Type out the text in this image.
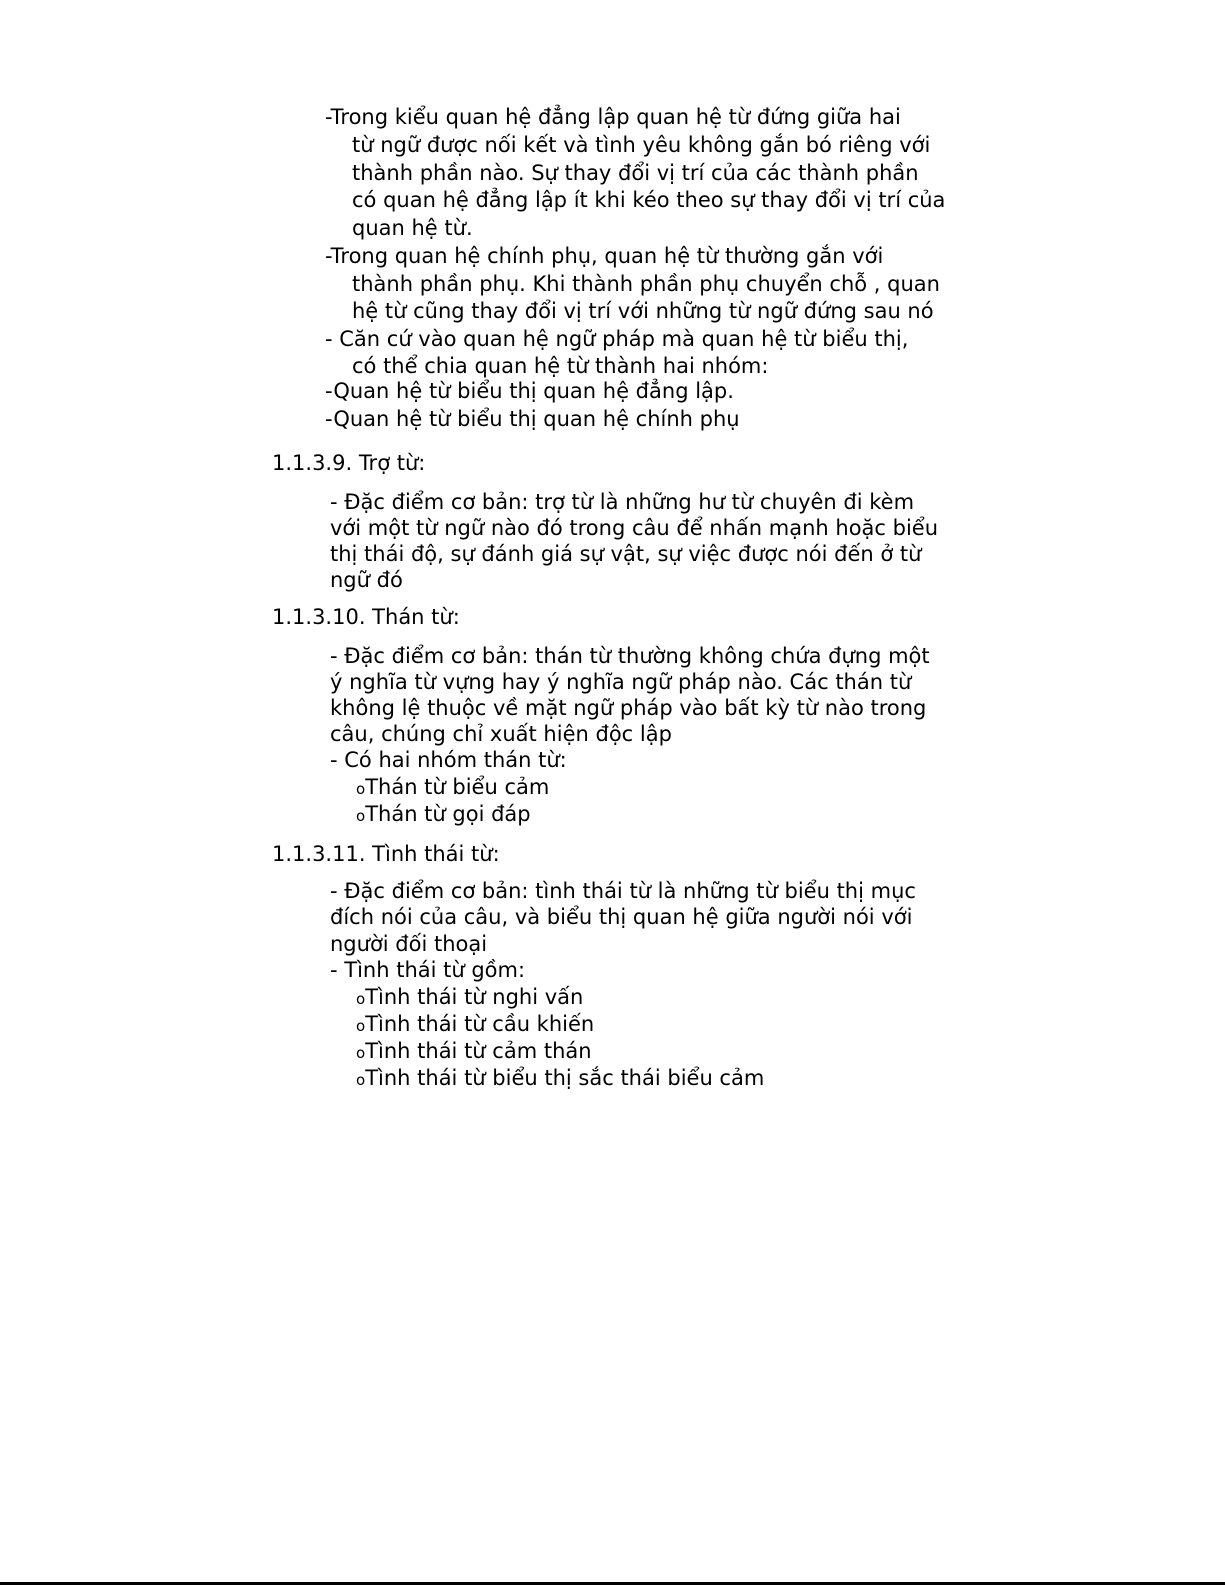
-Trong kiểu quan hệ đẳng lập quan hệ từ đứng giữa hai
từ ngữ được nối kết và tình yêu không gắn bó riêng với
thành phần nào. Sự thay đổi vị trí của các thành phần
có quan hệ đẳng lập ít khi kéo theo sự thay đổi vị trí của
quan hệ từ.
-Trong quan hệ chính phụ, quan hệ từ thường gắn với
thành phần phụ. Khi thành phần phụ chuyển chỗ , quan
hệ từ cũng thay đổi vị trí với những từ ngữ đứng sau nó
- Căn cứ vào quan hệ ngữ pháp mà quan hệ từ biểu thị,
có thể chia quan hệ từ thành hai nhóm:
-Quan hệ từ biểu thị quan hệ đẳng lập.
-Quan hệ từ biểu thị quan hệ chính phụ
1.1.3.9. Trợ từ:
- Đặc điểm cơ bản: trợ từ là những hư từ chuyên đi kèm
với một từ ngữ nào đó trong câu để nhấn mạnh hoặc biểu
thị thái độ, sự đánh giá sự vật, sự việc được nói đến ở từ
ngữ đó
1.1.3.10. Thán từ:
- Đặc điểm cơ bản: thán từ thường không chứa đựng một
ý nghĩa từ vựng hay ý nghĩa ngữ pháp nào. Các thán từ
không lệ thuộc về mặt ngữ pháp vào bất kỳ từ nào trong
câu, chúng chỉ xuất hiện độc lập
- Có hai nhóm thán từ:
oThán từ biểu cảm
oThán từ gọi đáp
1.1.3.11. Tình thái từ:
- Đặc điểm cơ bản: tình thái từ là những từ biểu thị mục
đích nói của câu, và biểu thị quan hệ giữa người nói với
người đối thoại
- Tình thái từ gồm:
oTình thái từ nghi vấn
oTình thái từ cầu khiến
oTình thái từ cảm thán
oTình thái từ biểu thị sắc thái biểu cảm
